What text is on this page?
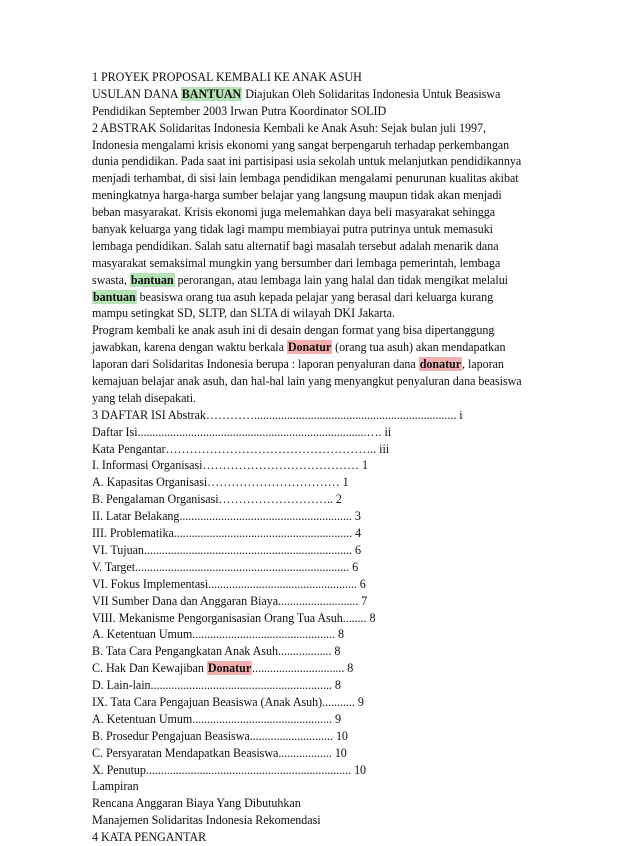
1 PROYEK PROPOSAL KEMBALI KE ANAK ASUH
USULAN DANA BANTUAN Diajukan Oleh Solidaritas Indonesia Untuk Beasiswa
Pendidikan September 2003 Irwan Putra Koordinator SOLID
2 ABSTRAK Solidaritas Indonesia Kembali ke Anak Asuh: Sejak bulan juli 1997,
Indonesia mengalami krisis ekonomi yang sangat berpengaruh terhadap perkembangan
dunia pendidikan. Pada saat ini partisipasi usia sekolah untuk melanjutkan pendidikannya
menjadi terhambat, di sisi lain lembaga pendidikan mengalami penurunan kualitas akibat
meningkatnya harga-harga sumber belajar yang langsung maupun tidak akan menjadi
beban masyarakat. Krisis ekonomi juga melemahkan daya beli masyarakat sehingga
banyak keluarga yang tidak lagi mampu membiayai putra putrinya untuk memasuki
lembaga pendidikan. Salah satu alternatif bagi masalah tersebut adalah menarik dana
masyarakat semaksimal mungkin yang bersumber dari lembaga pemerintah, lembaga
swasta, bantuan perorangan, atau lembaga lain yang halal dan tidak mengikat melalui
bantuan beasiswa orang tua asuh kepada pelajar yang berasal dari keluarga kurang
mampu setingkat SD, SLTP, dan SLTA di wilayah DKI Jakarta.
Program kembali ke anak asuh ini di desain dengan format yang bisa dipertanggung
jawabkan, karena dengan waktu berkala Donatur (orang tua asuh) akan mendapatkan
laporan dari Solidaritas Indonesia berupa : laporan penyaluran dana donatur, laporan
kemajuan belajar anak asuh, dan hal-hal lain yang menyangkut penyaluran dana beasiswa
yang telah disepakati.
3 DAFTAR ISI Abstrak………….................................................................... i
Daftar Isi.............................................................................…. ii
Kata Pengantar…………………………………………….. iii
I. Informasi Organisasi………………………………… 1
A. Kapasitas Organisasi…………………………… 1
B. Pengalaman Organisasi……………………….. 2
II. Latar Belakang.......................................................... 3
III. Problematika............................................................ 4
VI. Tujuan...................................................................... 6
V. Target........................................................................ 6
VI. Fokus Implementasi.................................................. 6
VII Sumber Dana dan Anggaran Biaya........................... 7
VIII. Mekanisme Pengorganisasian Orang Tua Asuh........ 8
A. Ketentuan Umum................................................ 8
B. Tata Cara Pengangkatan Anak Asuh.................. 8
C. Hak Dan Kewajiban Donatur............................... 8
D. Lain-lain............................................................. 8
IX. Tata Cara Pengajuan Beasiswa (Anak Asuh)........... 9
A. Ketentuan Umum............................................... 9
B. Prosedur Pengajuan Beasiswa............................ 10
C. Persyaratan Mendapatkan Beasiswa.................. 10
X. Penutup..................................................................... 10
Lampiran
Rencana Anggaran Biaya Yang Dibutuhkan
Manajemen Solidaritas Indonesia Rekomendasi
4 KATA PENGANTAR
